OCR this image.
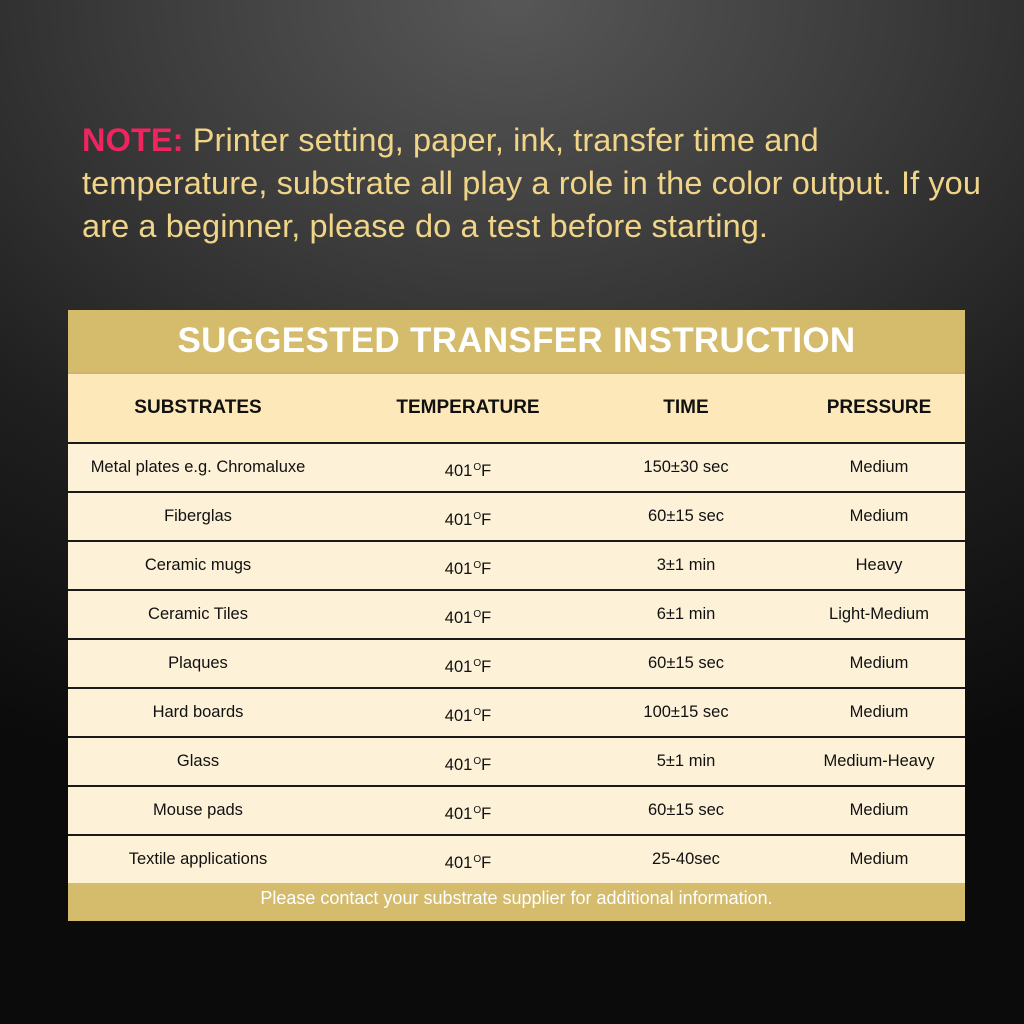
NOTE: Printer setting, paper, ink, transfer time and temperature, substrate all play a role in the color output. If you are a beginner, please do a test before starting.
SUGGESTED TRANSFER INSTRUCTION
SUBSTRATES	TEMPERATURE	TIME	PRESSURE
Metal plates e.g. Chromaluxe	$401^OF$	150±30 sec	Medium
Fiberglas	$401^OF$	60±15 sec	Medium
Ceramic mugs	$401^OF$	3±1 min	Heavy
Ceramic Tiles	$401^OF$	6±1 min	Light-Medium
Plaques	$401^OF$	60±15 sec	Medium
Hard boards	$401^OF$	100±15 sec	Medium
Glass	$401^OF$	5±1 min	Medium-Heavy
Mouse pads	$401^OF$	60±15 sec	Medium
Textile applications	$401^OF$	25-40sec	Medium
Please contact your substrate supplier for additional information.
